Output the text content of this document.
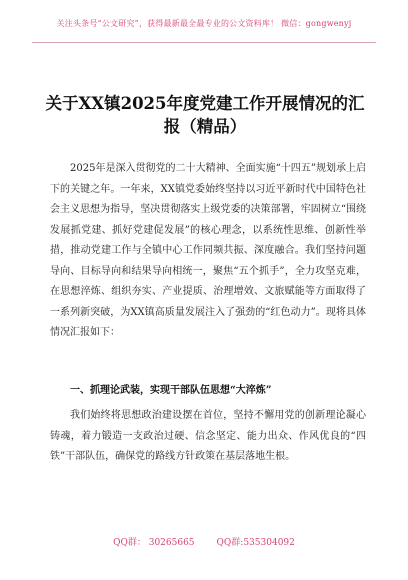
关注头条号“公文研究”，获得最新最全最专业的公文资料库！ 微信：gongwenyj
关于XX镇2025年度党建工作开展情况的汇报（精品）
2025年是深入贯彻党的二十大精神、全面实施“十四五”规划承上启下的关键之年。一年来，XX镇党委始终坚持以习近平新时代中国特色社会主义思想为指导，坚决贯彻落实上级党委的决策部署，牢固树立“围绕发展抓党建、抓好党建促发展”的核心理念，以系统性思维、创新性举措，推动党建工作与全镇中心工作同频共振、深度融合。我们坚持问题导向、目标导向和结果导向相统一，聚焦“五个抓手”，全力攻坚克难，在思想淬炼、组织夯实、产业提质、治理增效、文旅赋能等方面取得了一系列新突破，为XX镇高质量发展注入了强劲的“红色动力”。现将具体情况汇报如下：
一、抓理论武装，实现干部队伍思想“大淬炼”
我们始终将思想政治建设摆在首位，坚持不懈用党的创新理论凝心铸魂，着力锻造一支政治过硬、信念坚定、能力出众、作风优良的“四铁”干部队伍，确保党的路线方针政策在基层落地生根。
QQ群： 30265665 QQ群:535304092
